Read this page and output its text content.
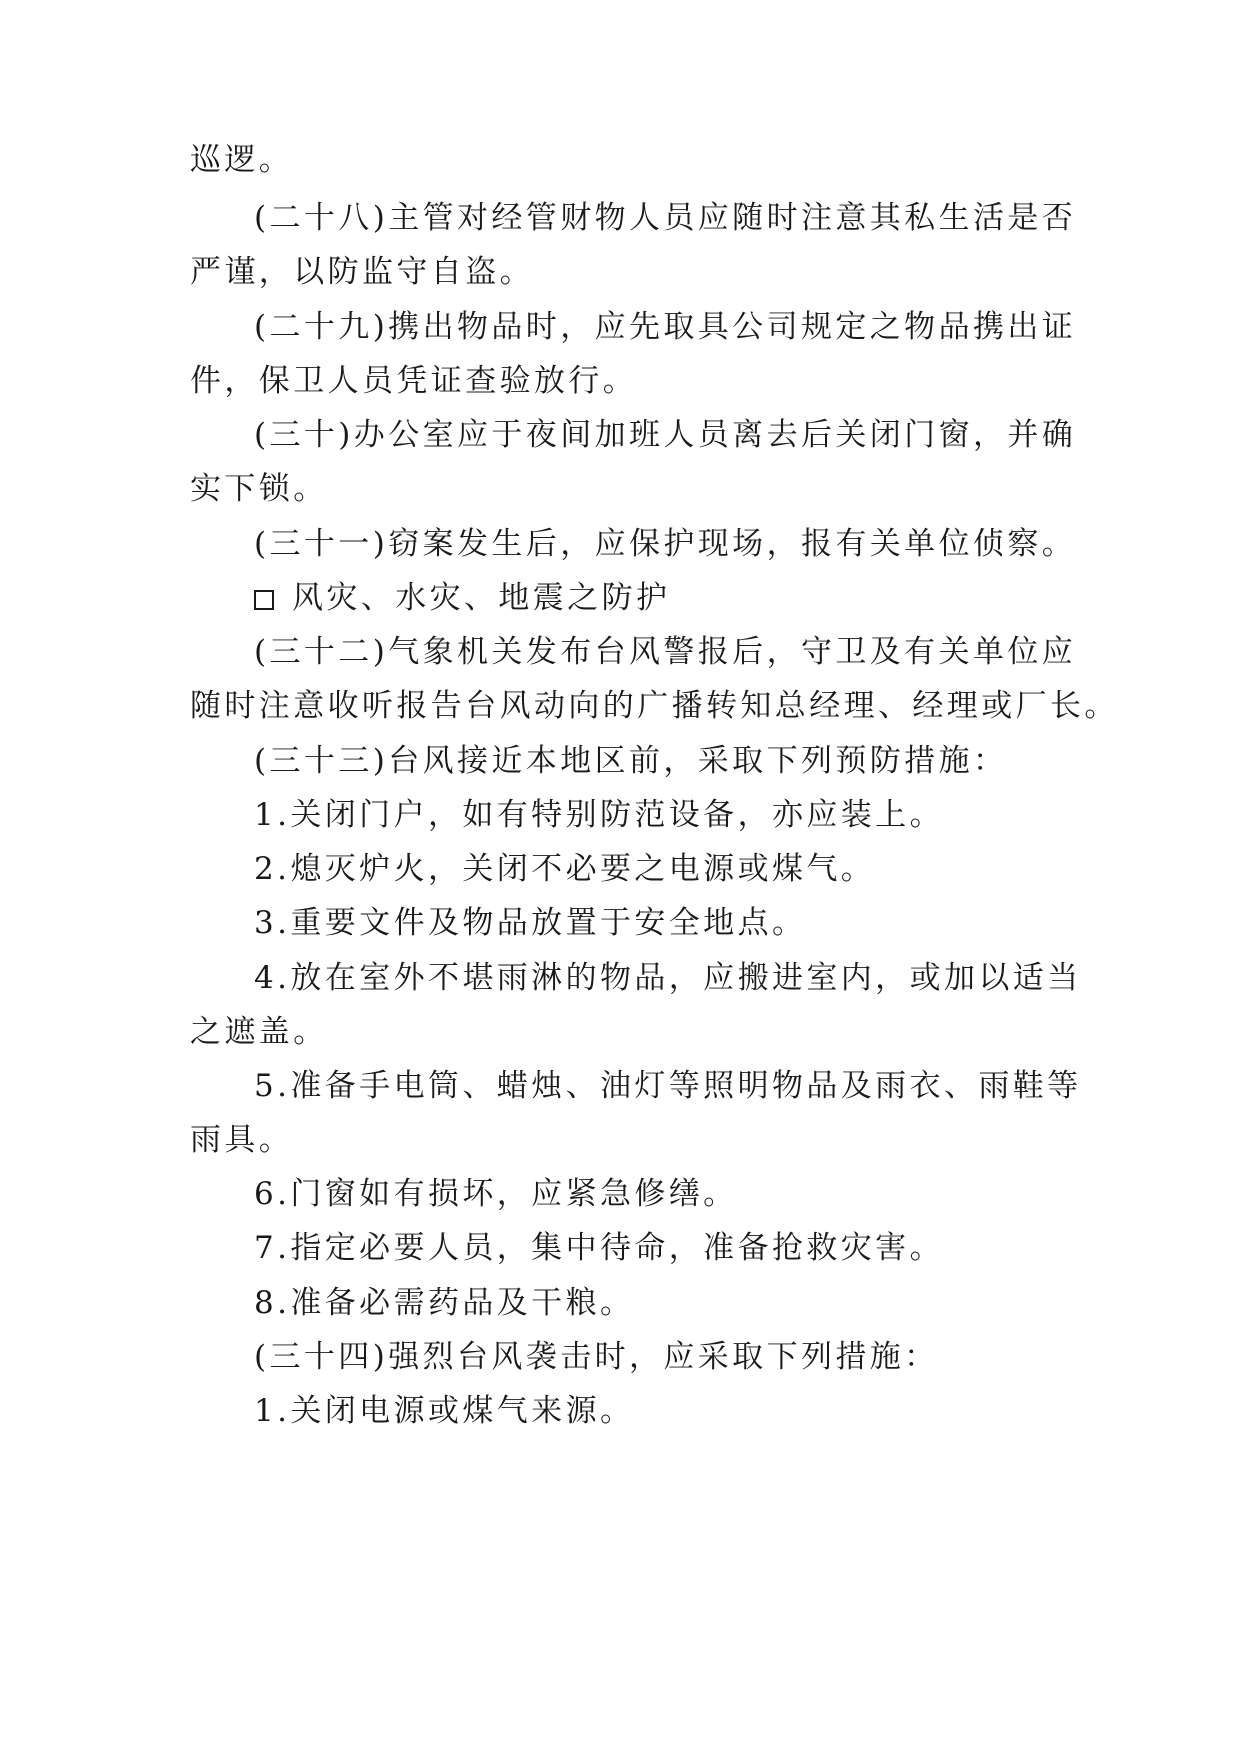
巡逻。
(二十八)主管对经管财物人员应随时注意其私生活是否
严谨，以防监守自盗。
(二十九)携出物品时，应先取具公司规定之物品携出证
件，保卫人员凭证查验放行。
(三十)办公室应于夜间加班人员离去后关闭门窗，并确
实下锁。
(三十一)窃案发生后，应保护现场，报有关单位侦察。
风灾、水灾、地震之防护
(三十二)气象机关发布台风警报后，守卫及有关单位应
随时注意收听报告台风动向的广播转知总经理、经理或厂长。
(三十三)台风接近本地区前，采取下列预防措施：
1.关闭门户，如有特别防范设备，亦应装上。
2.熄灭炉火，关闭不必要之电源或煤气。
3.重要文件及物品放置于安全地点。
4.放在室外不堪雨淋的物品，应搬进室内，或加以适当
之遮盖。
5.准备手电筒、蜡烛、油灯等照明物品及雨衣、雨鞋等
雨具。
6.门窗如有损坏，应紧急修缮。
7.指定必要人员，集中待命，准备抢救灾害。
8.准备必需药品及干粮。
(三十四)强烈台风袭击时，应采取下列措施：
1.关闭电源或煤气来源。
